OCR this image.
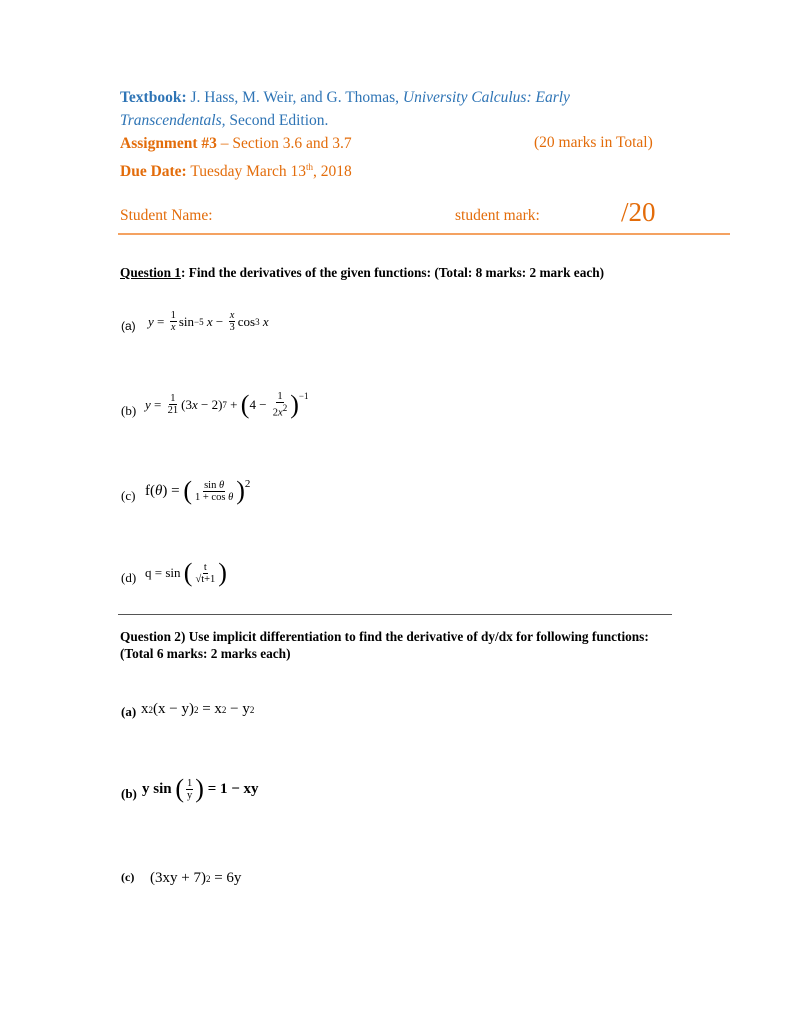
Textbook: J. Hass, M. Weir, and G. Thomas, University Calculus: Early
Transcendentals, Second Edition.
Assignment #3 – Section 3.6 and 3.7	(20 marks in Total)
Due Date: Tuesday March 13th, 2018
Student Name:	student mark:	/20
Question 1: Find the derivatives of the given functions: (Total: 8 marks: 2 mark each)
(a) $y = \frac{1}{x}$ sin −5
$x - \frac{x}{3}$ cos 3
x
(b) $y = \frac{1}{21} (3$ x − 2) 7 + ( $4 - \frac{1}{2x^2} )^{-1}$
(c) f( θ ) = ( $\frac{\text{sin θ}}{\text{1 + cos θ}} )^2$
(d) q = sin ( $\frac{t}{√t+1}$ )
Question 2) Use implicit differentiation to find the derivative of dy/dx for following functions: (Total 6 marks: 2 marks each)
(a) x 2 (x − y) 2 = x 2 − y 2
(b) y sin ( $\frac{1}{y}$ ) = 1 − xy
(c) (3xy + 7) 2 = 6y
